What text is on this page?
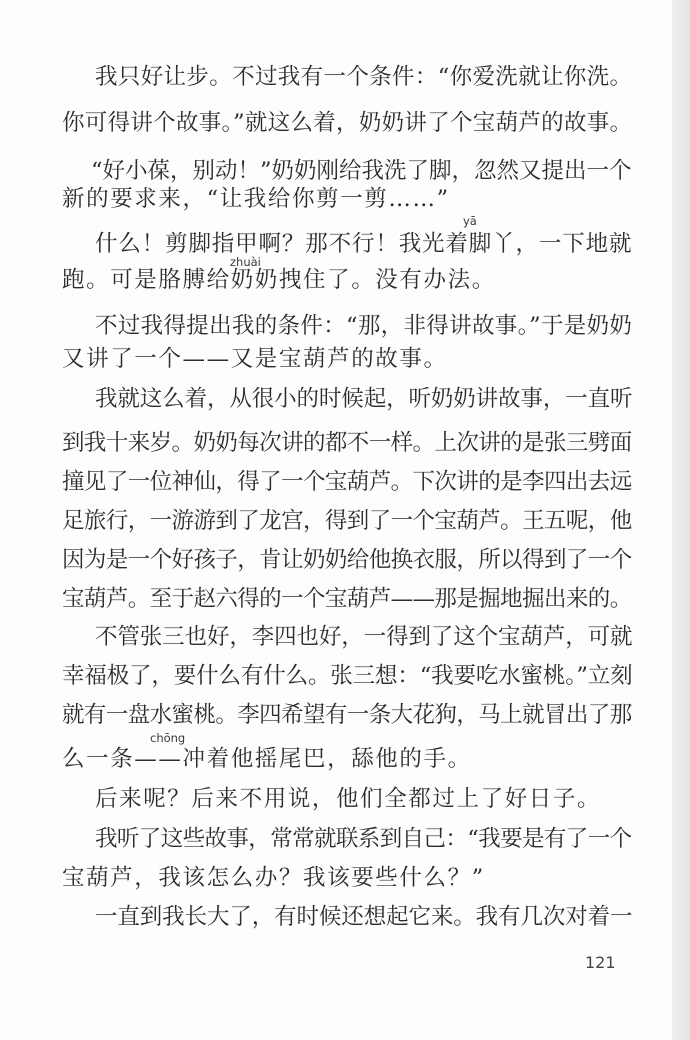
我只好让步。不过我有一个条件：“你爱洗就让你洗。
你可得讲个故事。”就这么着，奶奶讲了个宝葫芦的故事。
“好小葆，别动！”奶奶刚给我洗了脚，忽然又提出一个
新的要求来，“让我给你剪一剪……”
yā
什么！剪脚指甲啊？那不行！我光着脚丫，一下地就
zhuài
跑。可是胳膊给奶奶拽住了。没有办法。
不过我得提出我的条件：“那，非得讲故事。”于是奶奶
又讲了一个——又是宝葫芦的故事。
我就这么着，从很小的时候起，听奶奶讲故事，一直听
到我十来岁。奶奶每次讲的都不一样。上次讲的是张三劈面
撞见了一位神仙，得了一个宝葫芦。下次讲的是李四出去远
足旅行，一游游到了龙宫，得到了一个宝葫芦。王五呢，他
因为是一个好孩子，肯让奶奶给他换衣服，所以得到了一个
宝葫芦。至于赵六得的一个宝葫芦——那是掘地掘出来的。
不管张三也好，李四也好，一得到了这个宝葫芦，可就
幸福极了，要什么有什么。张三想：“我要吃水蜜桃。”立刻
就有一盘水蜜桃。李四希望有一条大花狗，马上就冒出了那
chōng
么一条——冲着他摇尾巴，舔他的手。
后来呢？后来不用说，他们全都过上了好日子。
我听了这些故事，常常就联系到自己：“我要是有了一个
宝葫芦，我该怎么办？我该要些什么？”
一直到我长大了，有时候还想起它来。我有几次对着一
121
